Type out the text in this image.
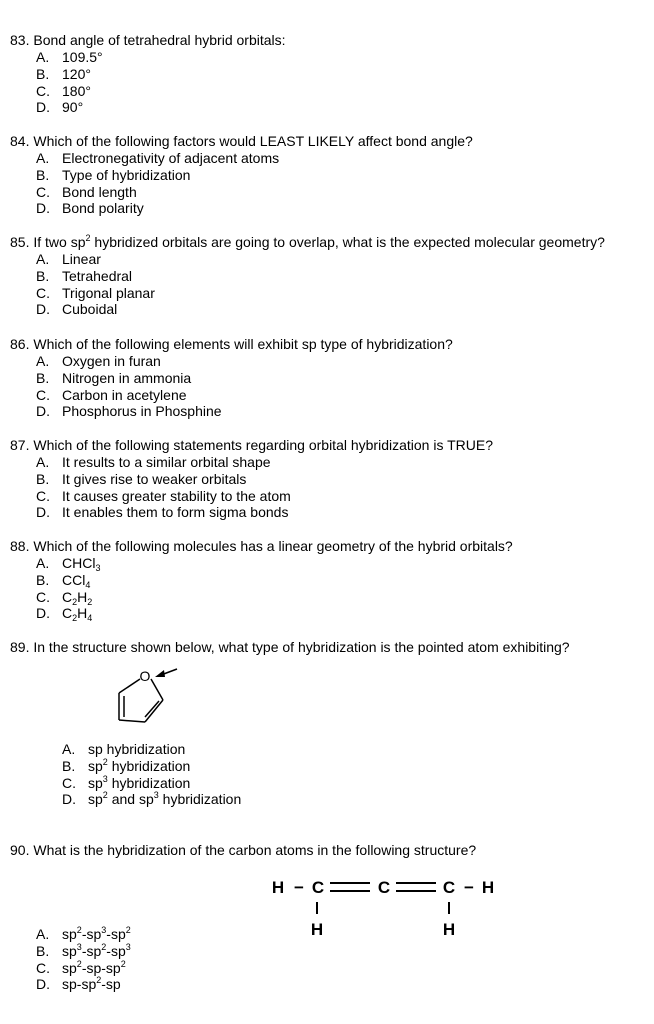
83. Bond angle of tetrahedral hybrid orbitals:
A. 109.5°
B. 120°
C. 180°
D. 90°
84. Which of the following factors would LEAST LIKELY affect bond angle?
A. Electronegativity of adjacent atoms
B. Type of hybridization
C. Bond length
D. Bond polarity
85. If two $sp^2$ hybridized orbitals are going to overlap, what is the expected molecular geometry?
A. Linear
B. Tetrahedral
C. Trigonal planar
D. Cuboidal
86. Which of the following elements will exhibit sp type of hybridization?
A. Oxygen in furan
B. Nitrogen in ammonia
C. Carbon in acetylene
D. Phosphorus in Phosphine
87. Which of the following statements regarding orbital hybridization is TRUE?
A. It results to a similar orbital shape
B. It gives rise to weaker orbitals
C. It causes greater stability to the atom
D. It enables them to form sigma bonds
88. Which of the following molecules has a linear geometry of the hybrid orbitals?
A. CHCl$_3$
B. CCl$_4$
C. $C_2H_2$
D. $C_2H_4$
89. In the structure shown below, what type of hybridization is the pointed atom exhibiting?
O
A. sp hybridization
B. $sp^2$ hybridization
C. $sp^3$ hybridization
D. $sp^2$ and $sp^3$ hybridization
90. What is the hybridization of the carbon atoms in the following structure?
H − C	C	C − H
H	H
A. $sp^2-sp^3-sp^2$
B. $sp^3-sp^2-sp^3$
C. $sp^2-sp-sp^2$
D. $sp-sp^2-sp$
